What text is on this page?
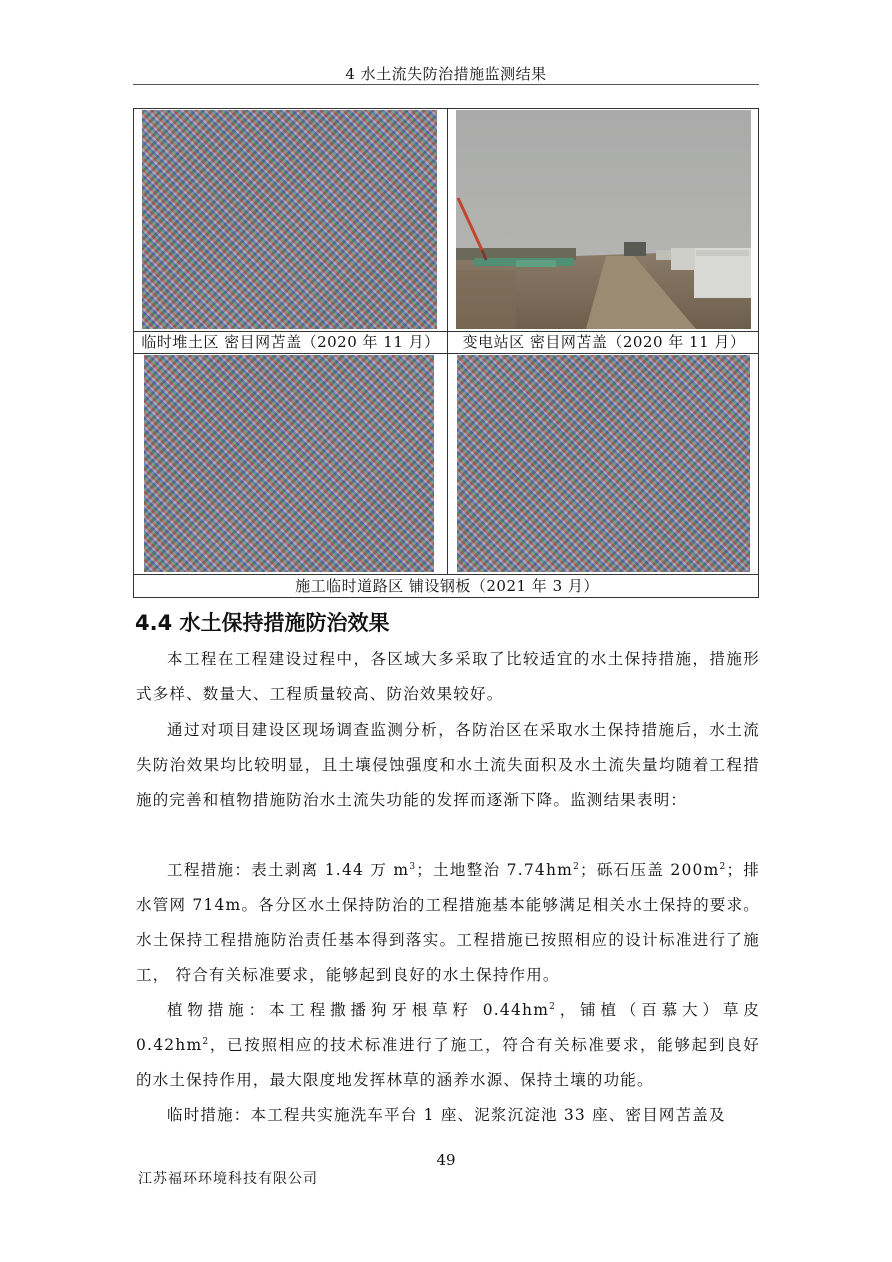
4 水土流失防治措施监测结果
临时堆土区 密目网苫盖（2020 年 11 月）	变电站区 密目网苫盖（2020 年 11 月）
施工临时道路区 铺设钢板（2021 年 3 月）
4.4 水土保持措施防治效果
本工程在工程建设过程中，各区域大多采取了比较适宜的水土保持措施，措施形式多样、数量大、工程质量较高、防治效果较好。
通过对项目建设区现场调查监测分析，各防治区在采取水土保持措施后，水土流失防治效果均比较明显，且土壤侵蚀强度和水土流失面积及水土流失量均随着工程措施的完善和植物措施防治水土流失功能的发挥而逐渐下降。监测结果表明：
工程措施：表土剥离 1.44 万 $m^3$；土地整治 $7.74hm^2$；砾石压盖 $200m^2$；排水管网 714m。各分区水土保持防治的工程措施基本能够满足相关水土保持的要求。水土保持工程措施防治责任基本得到落实。工程措施已按照相应的设计标准进行了施工， 符合有关标准要求，能够起到良好的水土保持作用。
植物措施：本工程撒播狗牙根草籽 $0.44hm^2$，铺植（百慕大）草皮 $0.42hm^2$，已按照相应的技术标准进行了施工，符合有关标准要求，能够起到良好的水土保持作用，最大限度地发挥林草的涵养水源、保持土壤的功能。
临时措施：本工程共实施洗车平台 1 座、泥浆沉淀池 33 座、密目网苫盖及
49
江苏福环环境科技有限公司
